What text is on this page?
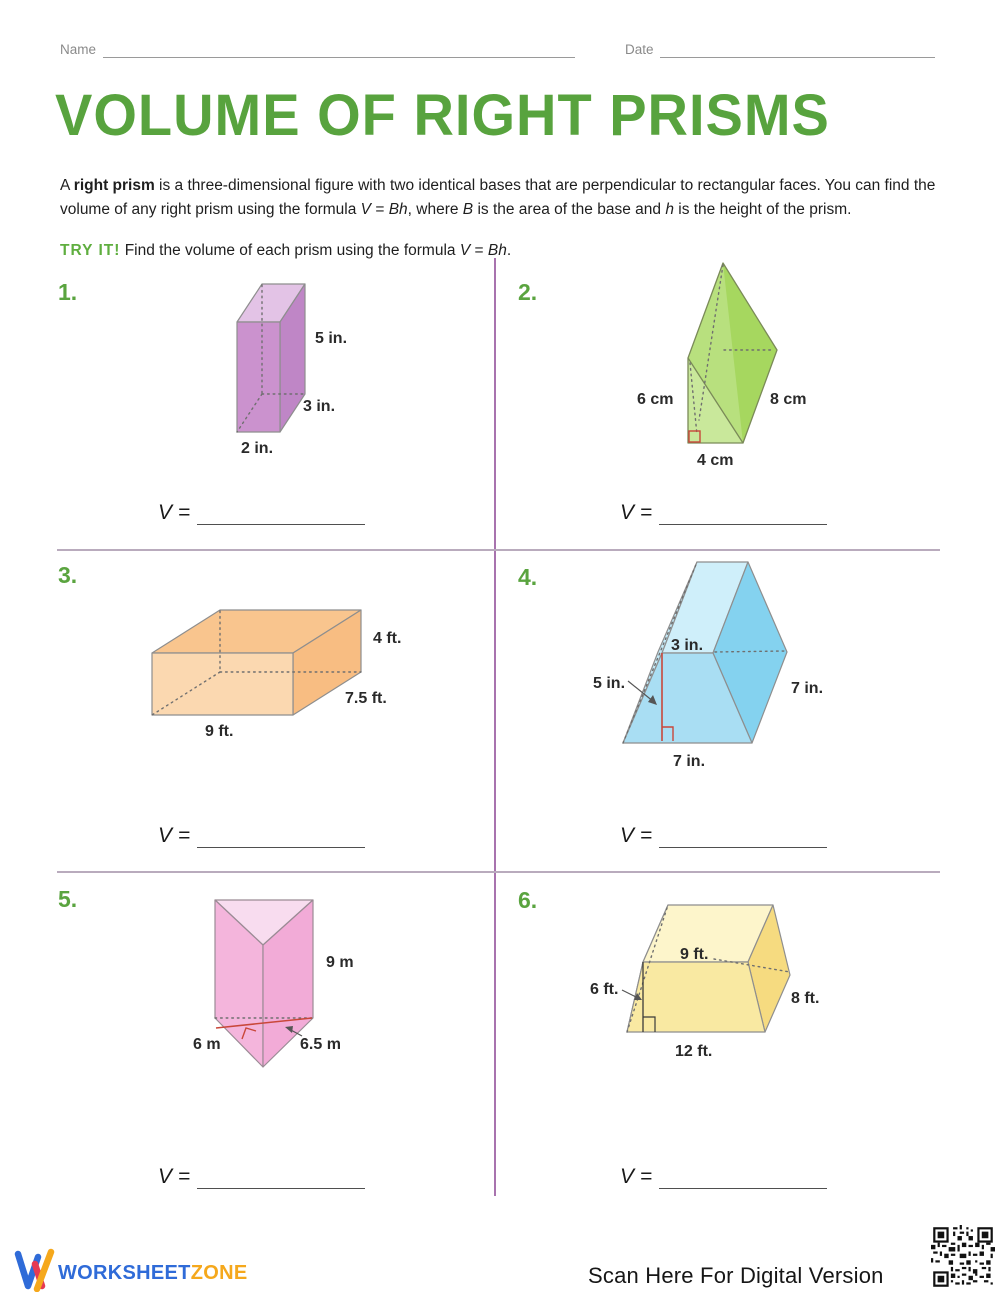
Name	Date
VOLUME OF RIGHT PRISMS

A right prism is a three-dimensional figure with two identical bases that are perpendicular to rectangular faces. You can find the volume of any right prism using the formula V = Bh, where B is the area of the base and h is the height of the prism.

TRY IT! Find the volume of each prism using the formula V = Bh.

1.
5 in.
3 in.
2 in.
V =
2.
6 cm	8 cm
4 cm
V =
3.
4 ft.
7.5 ft.
9 ft.
V =
4.
3 in.
5 in.	7 in.
7 in.
V =
5.
9 m
6 m	6.5 m
V =
6.
9 ft.
6 ft.
8 ft.
12 ft.
V =
WORKSHEETZONE	Scan Here For Digital Version
